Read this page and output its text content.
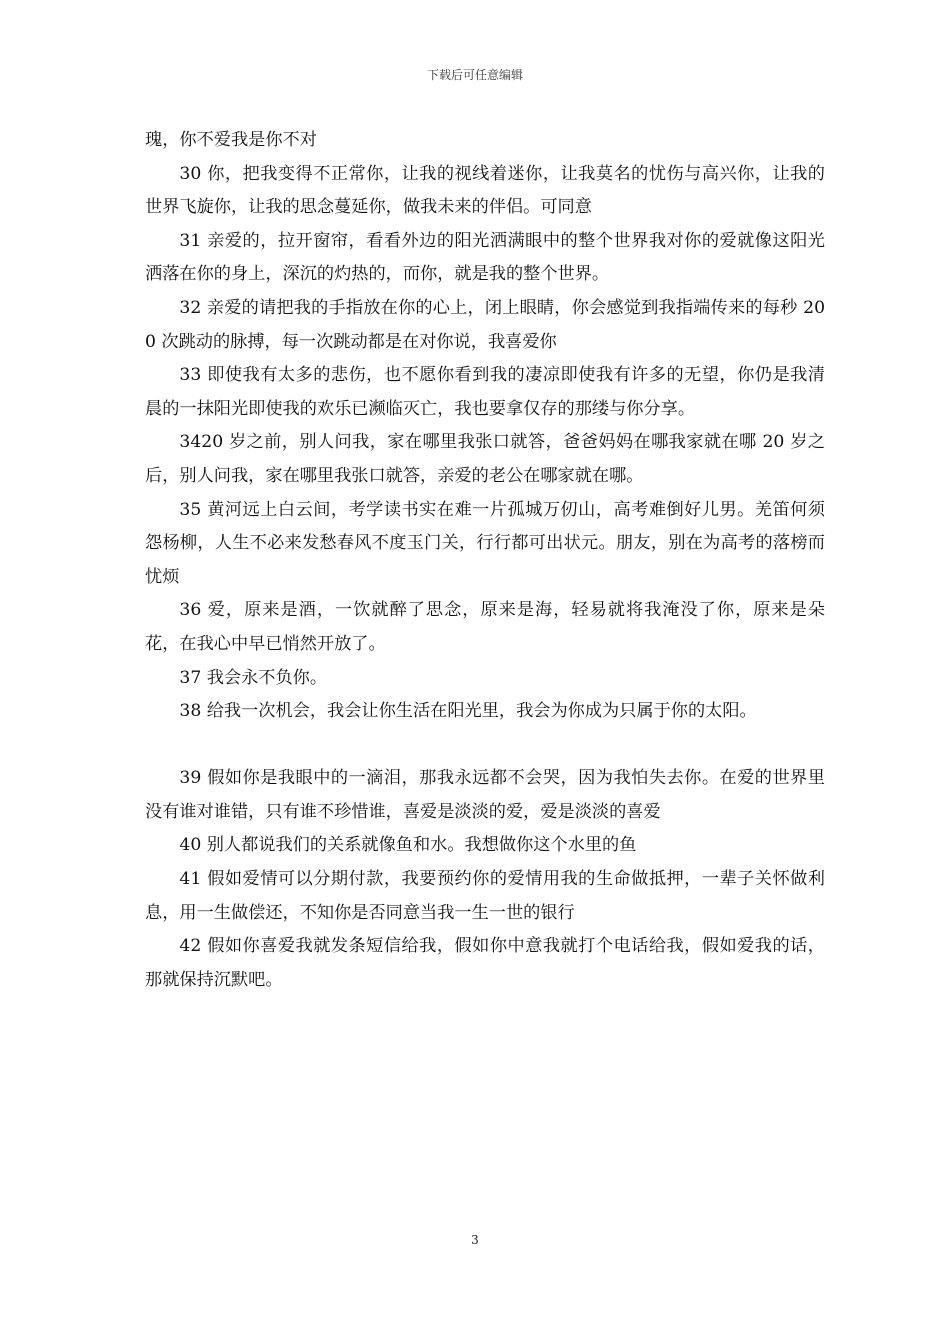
下载后可任意编辑

瑰，你不爱我是你不对

30 你，把我变得不正常你，让我的视线着迷你，让我莫名的忧伤与高兴你，让我的世界飞旋你，让我的思念蔓延你，做我未来的伴侣。可同意

31 亲爱的，拉开窗帘，看看外边的阳光洒满眼中的整个世界我对你的爱就像这阳光洒落在你的身上，深沉的灼热的，而你，就是我的整个世界。

32 亲爱的请把我的手指放在你的心上，闭上眼睛，你会感觉到我指端传来的每秒 200 次跳动的脉搏，每一次跳动都是在对你说，我喜爱你

33 即使我有太多的悲伤，也不愿你看到我的凄凉即使我有许多的无望，你仍是我清晨的一抹阳光即使我的欢乐已濒临灭亡，我也要拿仅存的那缕与你分享。

3420 岁之前，别人问我，家在哪里我张口就答，爸爸妈妈在哪我家就在哪 20 岁之后，别人问我，家在哪里我张口就答，亲爱的老公在哪家就在哪。

35 黄河远上白云间，考学读书实在难一片孤城万仞山，高考难倒好儿男。羌笛何须怨杨柳，人生不必来发愁春风不度玉门关，行行都可出状元。朋友，别在为高考的落榜而忧烦

36 爱，原来是酒，一饮就醉了思念，原来是海，轻易就将我淹没了你，原来是朵花，在我心中早已悄然开放了。

37 我会永不负你。

38 给我一次机会，我会让你生活在阳光里，我会为你成为只属于你的太阳。

39 假如你是我眼中的一滴泪，那我永远都不会哭，因为我怕失去你。在爱的世界里没有谁对谁错，只有谁不珍惜谁，喜爱是淡淡的爱，爱是淡淡的喜爱

40 别人都说我们的关系就像鱼和水。我想做你这个水里的鱼

41 假如爱情可以分期付款，我要预约你的爱情用我的生命做抵押，一辈子关怀做利息，用一生做偿还，不知你是否同意当我一生一世的银行

42 假如你喜爱我就发条短信给我，假如你中意我就打个电话给我，假如爱我的话，那就保持沉默吧。

3
